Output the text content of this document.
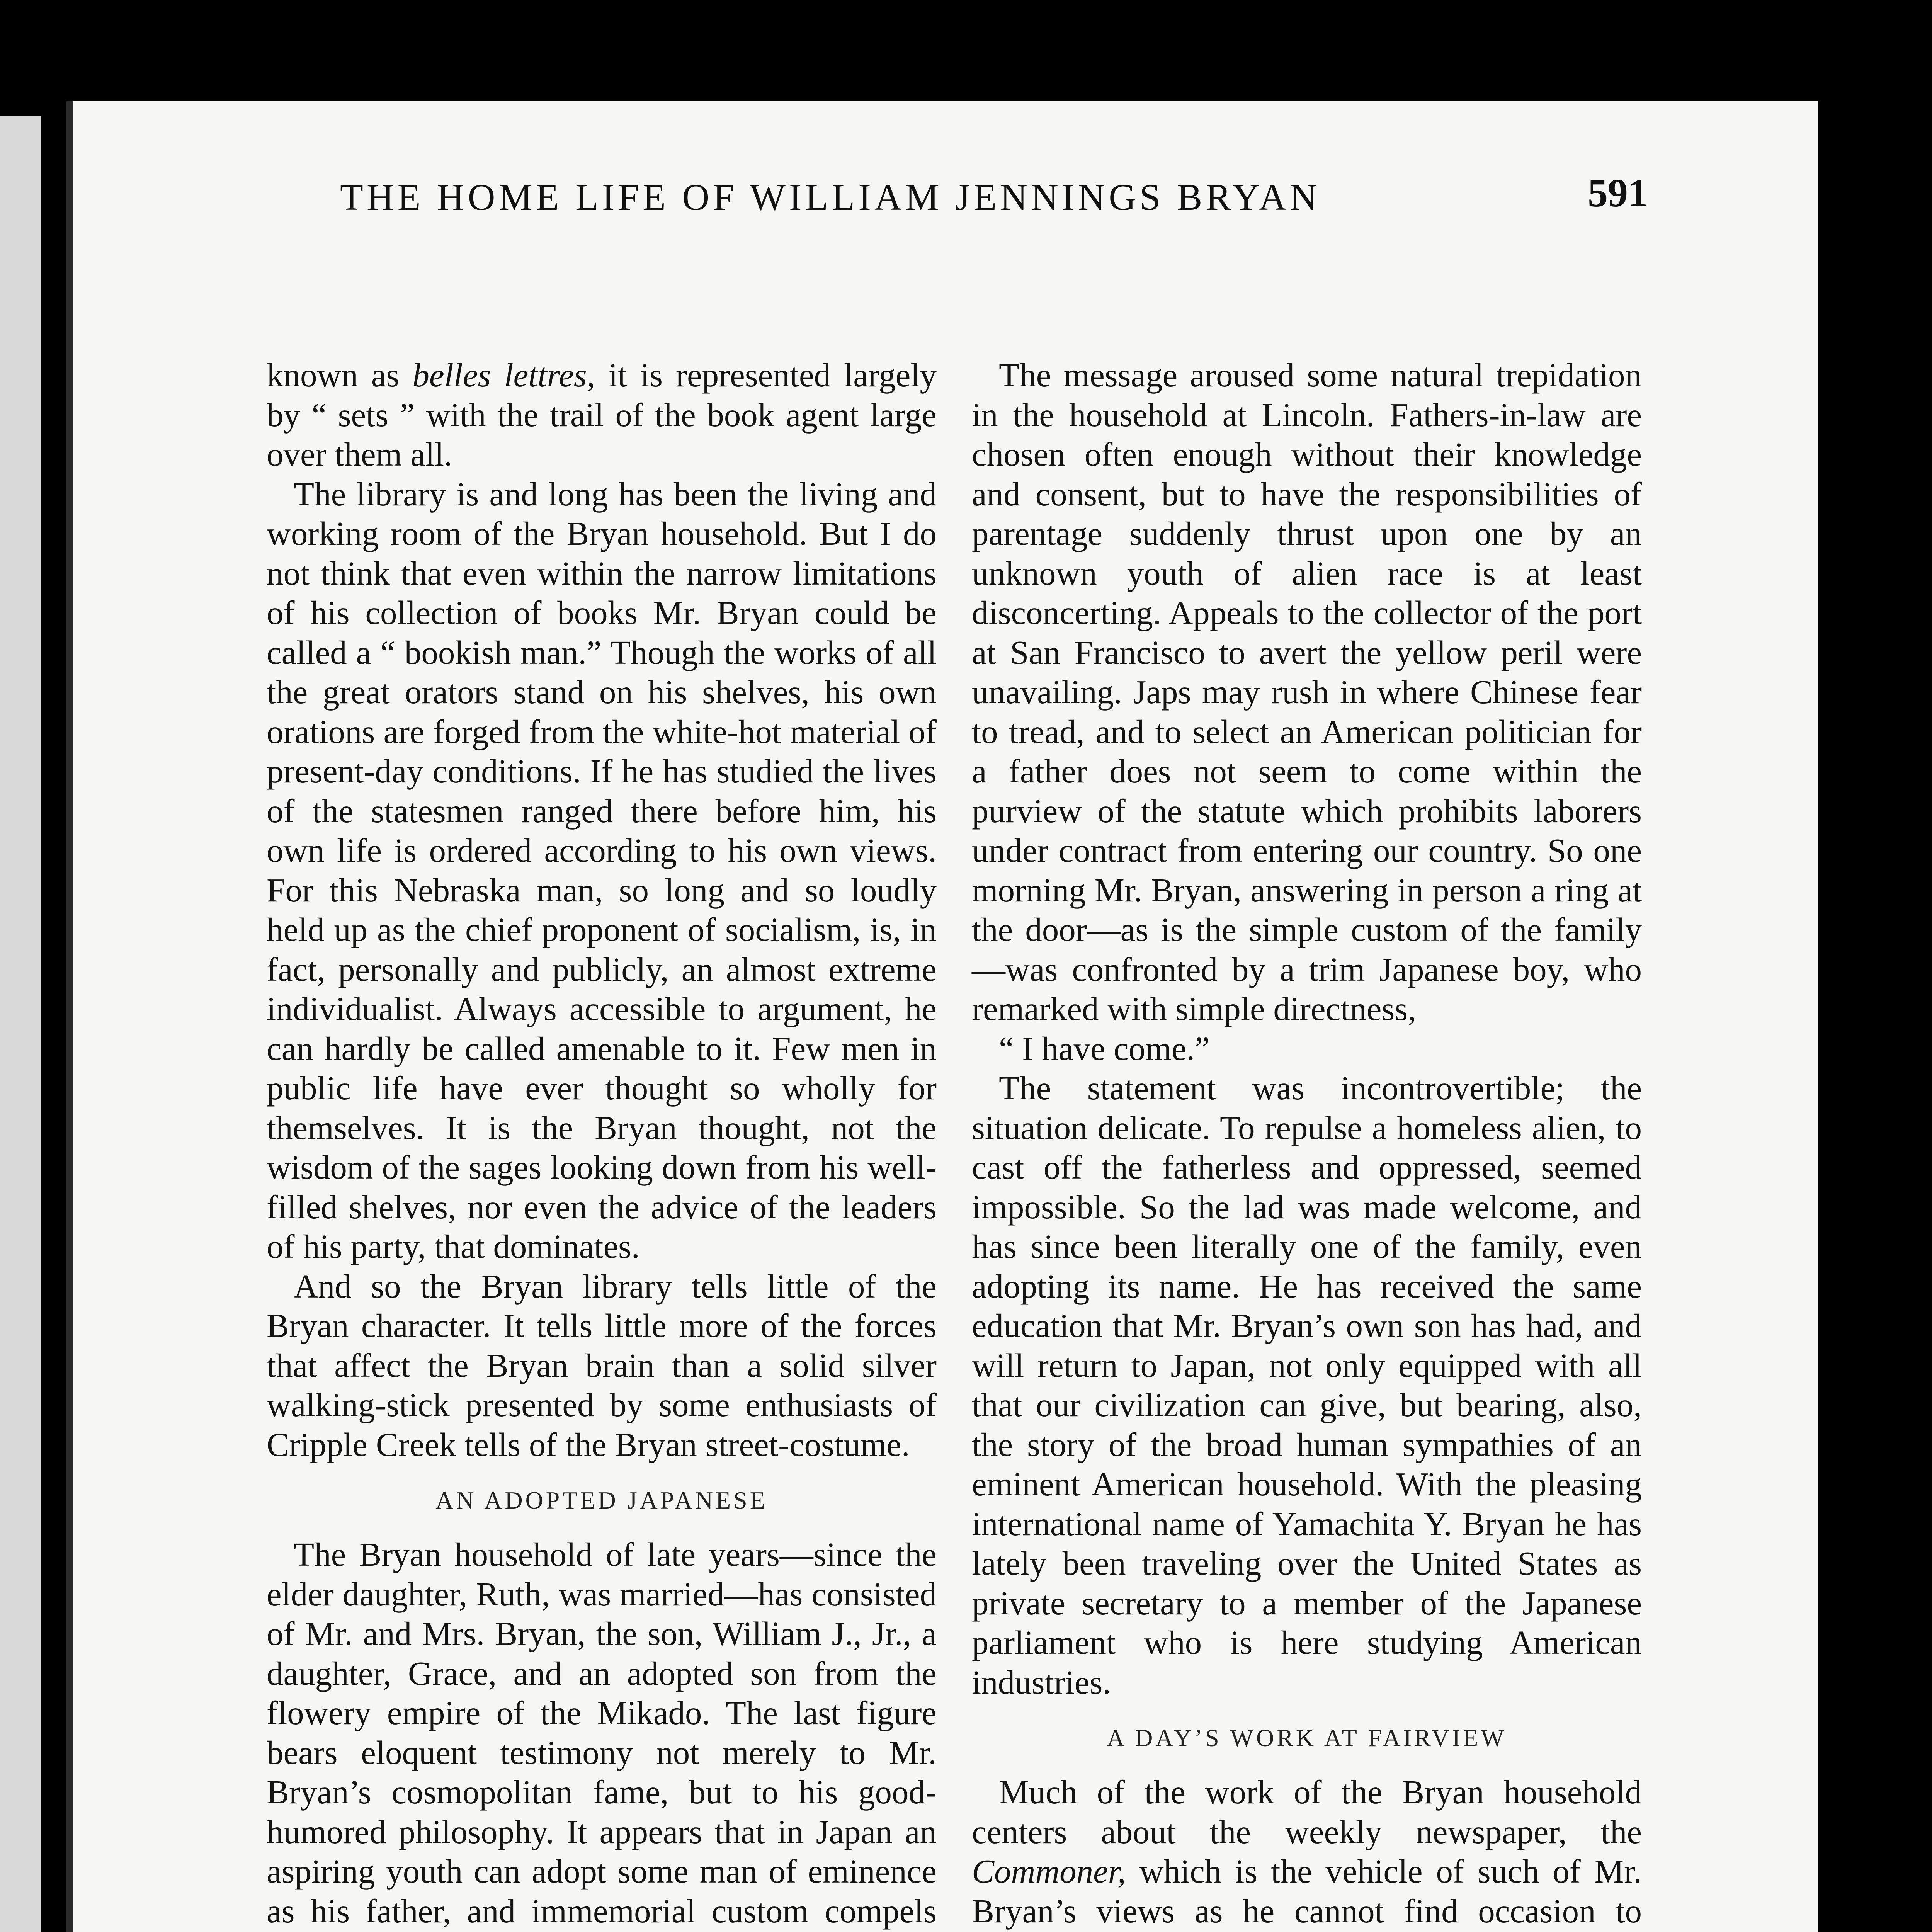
THE HOME LIFE OF WILLIAM JENNINGS BRYAN	591

known as belles lettres, it is represented largely by “ sets ” with the trail of the book agent large over them all.

The library is and long has been the living and working room of the Bryan household. But I do not think that even within the narrow limitations of his collection of books Mr. Bryan could be called a “ bookish man.” Though the works of all the great orators stand on his shelves, his own orations are forged from the white-hot material of present-day conditions. If he has studied the lives of the statesmen ranged there before him, his own life is ordered according to his own views. For this Nebraska man, so long and so loudly held up as the chief proponent of socialism, is, in fact, personally and publicly, an almost extreme individualist. Always accessible to argument, he can hardly be called amenable to it. Few men in public life have ever thought so wholly for themselves. It is the Bryan thought, not the wisdom of the sages looking down from his well-filled shelves, nor even the advice of the leaders of his party, that dominates.

And so the Bryan library tells little of the Bryan character. It tells little more of the forces that affect the Bryan brain than a solid silver walking-stick presented by some enthusiasts of Cripple Creek tells of the Bryan street-costume.

AN ADOPTED JAPANESE

The Bryan household of late years—since the elder daughter, Ruth, was married—has consisted of Mr. and Mrs. Bryan, the son, William J., Jr., a daughter, Grace, and an adopted son from the flowery empire of the Mikado. The last figure bears eloquent testimony not merely to Mr. Bryan’s cosmopolitan fame, but to his good-humored philosophy. It appears that in Japan an aspiring youth can adopt some man of eminence as his father, and immemorial custom compels

The message aroused some natural trepidation in the household at Lincoln. Fathers-in-law are chosen often enough without their knowledge and consent, but to have the responsibilities of parentage suddenly thrust upon one by an unknown youth of alien race is at least disconcerting. Appeals to the collector of the port at San Francisco to avert the yellow peril were unavailing. Japs may rush in where Chinese fear to tread, and to select an American politician for a father does not seem to come within the purview of the statute which prohibits laborers under contract from entering our country. So one morning Mr. Bryan, answering in person a ring at the door—as is the simple custom of the family—was confronted by a trim Japanese boy, who remarked with simple directness,

“ I have come.”

The statement was incontrovertible; the situation delicate. To repulse a homeless alien, to cast off the fatherless and oppressed, seemed impossible. So the lad was made welcome, and has since been literally one of the family, even adopting its name. He has received the same education that Mr. Bryan’s own son has had, and will return to Japan, not only equipped with all that our civilization can give, but bearing, also, the story of the broad human sympathies of an eminent American household. With the pleasing international name of Yamachita Y. Bryan he has lately been traveling over the United States as private secretary to a member of the Japanese parliament who is here studying American industries.

A DAY’S WORK AT FAIRVIEW

Much of the work of the Bryan household centers about the weekly newspaper, the Commoner, which is the vehicle of such of Mr. Bryan’s views as he cannot find occasion to
